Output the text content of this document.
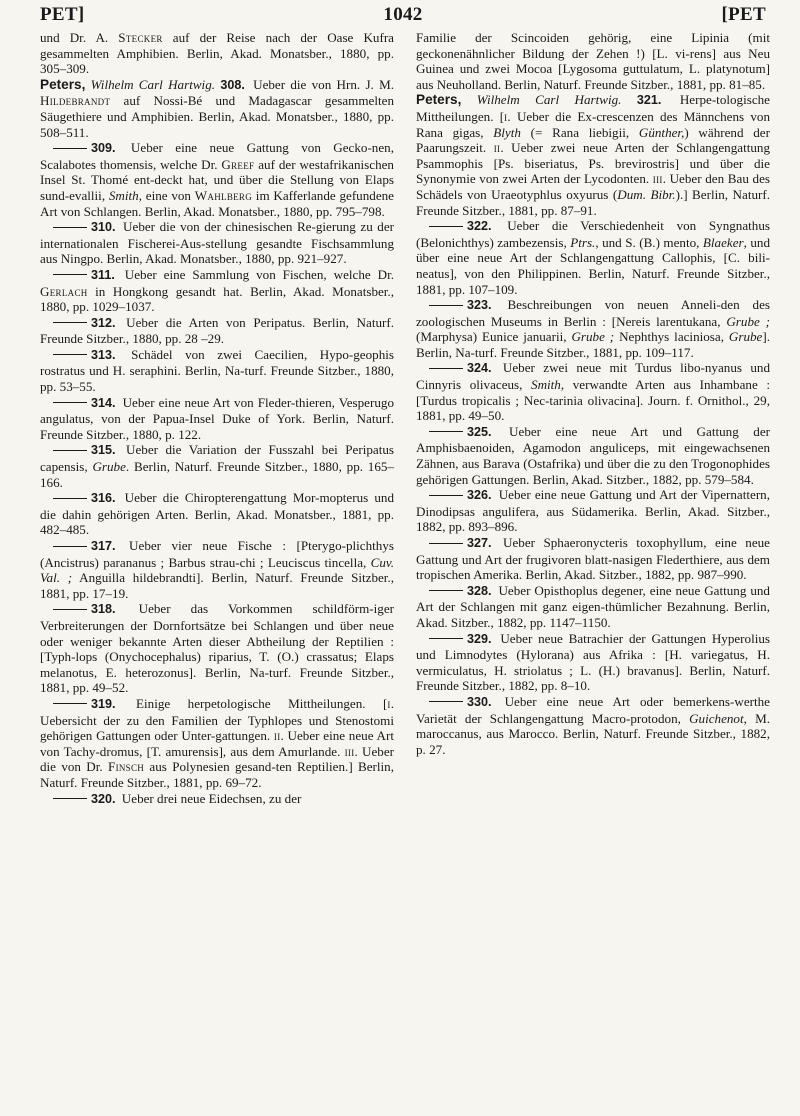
PET]	1042	[PET

und Dr. A. Stecker auf der Reise nach der Oase Kufra gesammelten Amphibien. Berlin, Akad. Monatsber., 1880, pp. 305–309.

Peters, Wilhelm Carl Hartwig. 308. Ueber die von Hrn. J. M. Hildebrandt auf Nossi-Bé und Madagascar gesammelten Säugethiere und Amphibien. Berlin, Akad. Monatsber., 1880, pp. 508–511.

309. Ueber eine neue Gattung von Gecko-nen, Scalabotes thomensis, welche Dr. Greef auf der westafrikanischen Insel St. Thomé ent-deckt hat, und über die Stellung von Elaps sund-evallii, Smith, eine von Wahlberg im Kafferlande gefundene Art von Schlangen. Berlin, Akad. Monatsber., 1880, pp. 795–798.

310. Ueber die von der chinesischen Re-gierung zu der internationalen Fischerei-Aus-stellung gesandte Fischsammlung aus Ningpo. Berlin, Akad. Monatsber., 1880, pp. 921–927.

311. Ueber eine Sammlung von Fischen, welche Dr. Gerlach in Hongkong gesandt hat. Berlin, Akad. Monatsber., 1880, pp. 1029–1037.

312. Ueber die Arten von Peripatus. Berlin, Naturf. Freunde Sitzber., 1880, pp. 28 –29.

313. Schädel von zwei Caecilien, Hypo-geophis rostratus und H. seraphini. Berlin, Na-turf. Freunde Sitzber., 1880, pp. 53–55.

314. Ueber eine neue Art von Fleder-thieren, Vesperugo angulatus, von der Papua-Insel Duke of York. Berlin, Naturf. Freunde Sitzber., 1880, p. 122.

315. Ueber die Variation der Fusszahl bei Peripatus capensis, Grube. Berlin, Naturf. Freunde Sitzber., 1880, pp. 165–166.

316. Ueber die Chiropterengattung Mor-mopterus und die dahin gehörigen Arten. Berlin, Akad. Monatsber., 1881, pp. 482–485.

317. Ueber vier neue Fische : [Pterygo-plichthys (Ancistrus) parananus ; Barbus strau-chi ; Leuciscus tincella, Cuv. Val. ; Anguilla hildebrandti]. Berlin, Naturf. Freunde Sitzber., 1881, pp. 17–19.

318. Ueber das Vorkommen schildförm-iger Verbreiterungen der Dornfortsätze bei Schlangen und über neue oder weniger bekannte Arten dieser Abtheilung der Reptilien : [Typh-lops (Onychocephalus) riparius, T. (O.) crassatus; Elaps melanotus, E. heterozonus]. Berlin, Na-turf. Freunde Sitzber., 1881, pp. 49–52.

319. Einige herpetologische Mittheilungen. [i. Uebersicht der zu den Familien der Typhlopes und Stenostomi gehörigen Gattungen oder Unter-gattungen. ii. Ueber eine neue Art von Tachy-dromus, [T. amurensis], aus dem Amurlande. iii. Ueber die von Dr. Finsch aus Polynesien gesand-ten Reptilien.] Berlin, Naturf. Freunde Sitzber., 1881, pp. 69–72.

320. Ueber drei neue Eidechsen, zu der

Familie der Scincoiden gehörig, eine Lipinia (mit geckonenähnlicher Bildung der Zehen !) [L. vi-rens] aus Neu Guinea und zwei Mocoa [Lygosoma guttulatum, L. platynotum] aus Neuholland. Berlin, Naturf. Freunde Sitzber., 1881, pp. 81–85.

Peters, Wilhelm Carl Hartwig. 321. Herpe-tologische Mittheilungen. [i. Ueber die Ex-crescenzen des Männchens von Rana gigas, Blyth (= Rana liebigii, Günther,) während der Paarungszeit. ii. Ueber zwei neue Arten der Schlangengattung Psammophis [Ps. biseriatus, Ps. brevirostris] und über die Synonymie von zwei Arten der Lycodonten. iii. Ueber den Bau des Schädels von Uraeotyphlus oxyurus (Dum. Bibr.).] Berlin, Naturf. Freunde Sitzber., 1881, pp. 87–91.

322. Ueber die Verschiedenheit von Syngnathus (Belonichthys) zambezensis, Ptrs., und S. (B.) mento, Blaeker, und über eine neue Art der Schlangengattung Callophis, [C. bili-neatus], von den Philippinen. Berlin, Naturf. Freunde Sitzber., 1881, pp. 107–109.

323. Beschreibungen von neuen Anneli-den des zoologischen Museums in Berlin : [Nereis larentukana, Grube ; (Marphysa) Eunice januarii, Grube ; Nephthys laciniosa, Grube]. Berlin, Na-turf. Freunde Sitzber., 1881, pp. 109–117.

324. Ueber zwei neue mit Turdus libo-nyanus und Cinnyris olivaceus, Smith, verwandte Arten aus Inhambane : [Turdus tropicalis ; Nec-tarinia olivacina]. Journ. f. Ornithol., 29, 1881, pp. 49–50.

325. Ueber eine neue Art und Gattung der Amphisbaenoiden, Agamodon anguliceps, mit eingewachsenen Zähnen, aus Barava (Ostafrika) und über die zu den Trogonophides gehörigen Gattungen. Berlin, Akad. Sitzber., 1882, pp. 579–584.

326. Ueber eine neue Gattung und Art der Vipernattern, Dinodipsas angulifera, aus Südamerika. Berlin, Akad. Sitzber., 1882, pp. 893–896.

327. Ueber Sphaeronycteris toxophyllum, eine neue Gattung und Art der frugivoren blatt-nasigen Flederthiere, aus dem tropischen Amerika. Berlin, Akad. Sitzber., 1882, pp. 987–990.

328. Ueber Opisthoplus degener, eine neue Gattung und Art der Schlangen mit ganz eigen-thümlicher Bezahnung. Berlin, Akad. Sitzber., 1882, pp. 1147–1150.

329. Ueber neue Batrachier der Gattungen Hyperolius und Limnodytes (Hylorana) aus Afrika : [H. variegatus, H. vermiculatus, H. striolatus ; L. (H.) bravanus]. Berlin, Naturf. Freunde Sitzber., 1882, pp. 8–10.

330. Ueber eine neue Art oder bemerkens-werthe Varietät der Schlangengattung Macro-protodon, Guichenot, M. maroccanus, aus Marocco. Berlin, Naturf. Freunde Sitzber., 1882, p. 27.
